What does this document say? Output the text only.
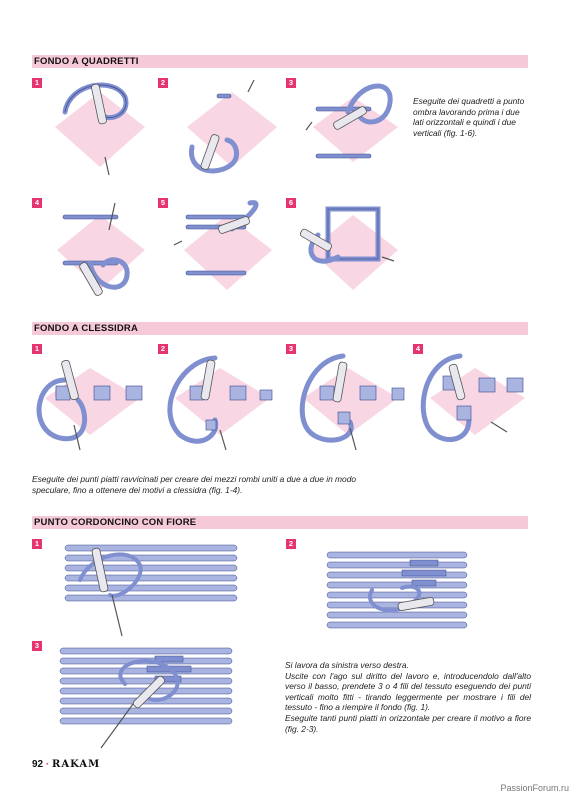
FONDO A QUADRETTI
1	2	3
4	5	6
Eseguite dei quadretti a punto ombra lavorando prima i due lati orizzontali e quindi i due verticali (fig. 1-6).
FONDO A CLESSIDRA
1	2	3	4
Eseguite dei punti piatti ravvicinati per creare dei mezzi rombi uniti a due a due in modo speculare, fino a ottenere dei motivi a clessidra (fig. 1-4).
PUNTO CORDONCINO CON FIORE
1	2
3
Si lavora da sinistra verso destra.
Uscite con l'ago sul diritto del lavoro e, introducendolo dall'alto verso il basso, prendete 3 o 4 fili del tessuto eseguendo dei punti verticali molto fitti - tirando leggermente per mostrare i fili del tessuto - fino a riempire il fondo (fig. 1).
Eseguite tanti punti piatti in orizzontale per creare il motivo a fiore (fig. 2-3).
92 · RAKAM
PassionForum.ru
